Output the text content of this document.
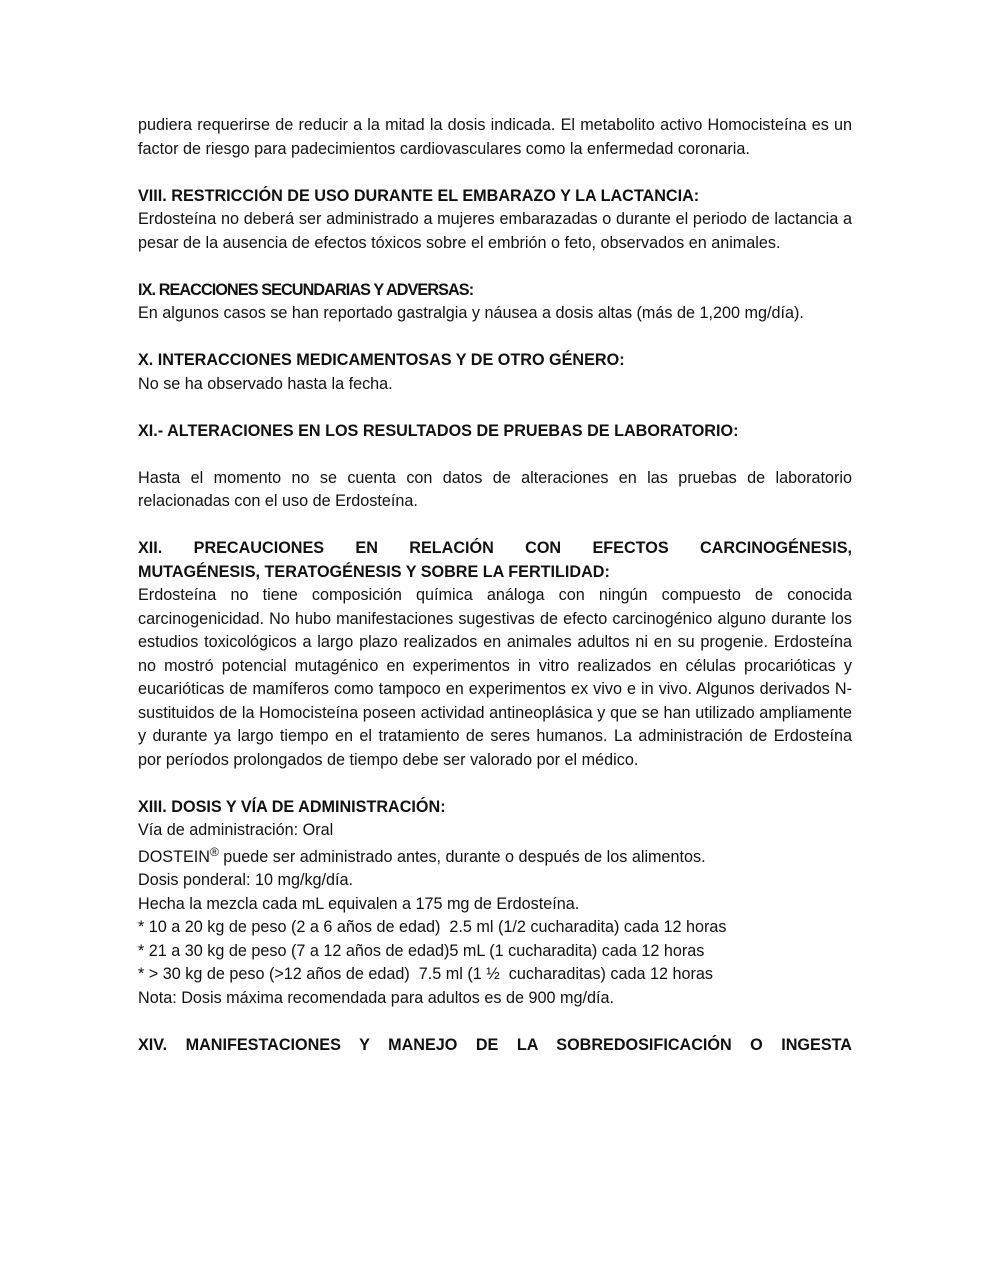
pudiera requerirse de reducir a la mitad la dosis indicada. El metabolito activo Homocisteína es un factor de riesgo para padecimientos cardiovasculares como la enfermedad coronaria.

VIII. RESTRICCIÓN DE USO DURANTE EL EMBARAZO Y LA LACTANCIA:

Erdosteína no deberá ser administrado a mujeres embarazadas o durante el periodo de lactancia a pesar de la ausencia de efectos tóxicos sobre el embrión o feto, observados en animales.

IX. REACCIONES SECUNDARIAS Y ADVERSAS:

En algunos casos se han reportado gastralgia y náusea a dosis altas (más de 1,200 mg/día).

X. INTERACCIONES MEDICAMENTOSAS Y DE OTRO GÉNERO:

No se ha observado hasta la fecha.

XI.- ALTERACIONES EN LOS RESULTADOS DE PRUEBAS DE LABORATORIO:

Hasta el momento no se cuenta con datos de alteraciones en las pruebas de laboratorio relacionadas con el uso de Erdosteína.

XII. PRECAUCIONES EN RELACIÓN CON EFECTOS CARCINOGÉNESIS,

MUTAGÉNESIS, TERATOGÉNESIS Y SOBRE LA FERTILIDAD:

Erdosteína no tiene composición química análoga con ningún compuesto de conocida carcinogenicidad. No hubo manifestaciones sugestivas de efecto carcinogénico alguno durante los estudios toxicológicos a largo plazo realizados en animales adultos ni en su progenie. Erdosteína no mostró potencial mutagénico en experimentos in vitro realizados en células procarióticas y eucarióticas de mamíferos como tampoco en experimentos ex vivo e in vivo. Algunos derivados N-sustituidos de la Homocisteína poseen actividad antineoplásica y que se han utilizado ampliamente y durante ya largo tiempo en el tratamiento de seres humanos. La administración de Erdosteína por períodos prolongados de tiempo debe ser valorado por el médico.

XIII. DOSIS Y VÍA DE ADMINISTRACIÓN:

Vía de administración: Oral

DOSTEIN® puede ser administrado antes, durante o después de los alimentos.

Dosis ponderal: 10 mg/kg/día.

Hecha la mezcla cada mL equivalen a 175 mg de Erdosteína.

* 10 a 20 kg de peso (2 a 6 años de edad)  2.5 ml (1/2 cucharadita) cada 12 horas

* 21 a 30 kg de peso (7 a 12 años de edad)5 mL (1 cucharadita) cada 12 horas

* > 30 kg de peso (>12 años de edad)  7.5 ml (1 ½  cucharaditas) cada 12 horas

Nota: Dosis máxima recomendada para adultos es de 900 mg/día.

XIV. MANIFESTACIONES Y MANEJO DE LA SOBREDOSIFICACIÓN O INGESTA
